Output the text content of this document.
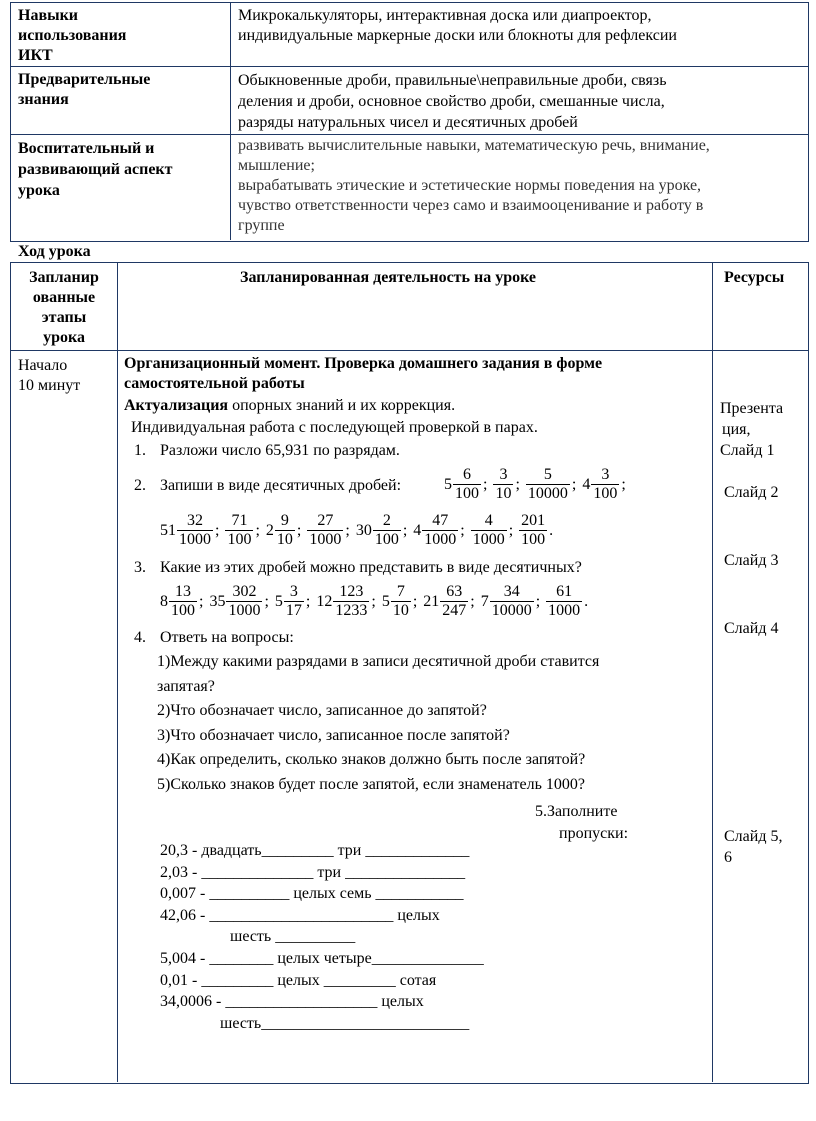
Навыки
использования
ИКТ
Микрокалькуляторы, интерактивная доска или диапроектор,
индивидуальные маркерные доски или блокноты для рефлексии
Предварительные
знания
Обыкновенные дроби, правильные\неправильные дроби, связь
деления и дроби, основное свойство дроби, смешанные числа,
разряды натуральных чисел и десятичных дробей
Воспитательный и
развивающий аспект
урока
развивать вычислительные навыки, математическую речь, внимание,
мышление;
вырабатывать этические и эстетические нормы поведения на уроке,
чувство ответственности через само и взаимооценивание и работу в
группе
Ход урока
Запланир
ованные
этапы
урока
Запланированная деятельность на уроке	Ресурсы
Начало
10 минут
Организационный момент. Проверка домашнего задания в форме
самостоятельной работы
Актуализация опорных знаний и их коррекция.
Индивидуальная работа с последующей проверкой в парах.
1. Разложи число 65,931 по разрядам.
2. Запиши в виде десятичных дробей:	$5 \frac{6}{100}$ ; $\frac{3}{10}$ ; $\frac{5}{10000}$ ; $4 \frac{3}{100}$ ;
$51 \frac{32}{1000}$ ; $\frac{71}{100}$ ; $2 \frac{9}{10}$ ; $\frac{27}{1000}$ ; $30 \frac{2}{100}$ ; $4 \frac{47}{1000}$ ; $\frac{4}{1000}$ ; $\frac{201}{100}$ .
3. Какие из этих дробей можно представить в виде десятичных?
$8 \frac{13}{100}$ ; $35 \frac{302}{1000}$ ; $5 \frac{3}{17}$ ; $12 \frac{123}{1233}$ ; $5 \frac{7}{10}$ ; $21 \frac{63}{247}$ ; $7 \frac{34}{10000}$ ; $\frac{61}{1000}$ .
4. Ответь на вопросы:
1)Между какими разрядами в записи десятичной дроби ставится
запятая?
2)Что обозначает число, записанное до запятой?
3)Что обозначает число, записанное после запятой?
4)Как определить, сколько знаков должно быть после запятой?
5)Сколько знаков будет после запятой, если знаменатель 1000?
5.Заполните
пропуски:
20,3 - двадцать_________ три _____________
2,03 - ______________ три _______________
0,007 - __________ целых семь ___________
42,06 - _______________________ целых
шесть __________
5,004 - ________ целых четыре______________
0,01 - _________ целых _________ сотая
34,0006 - ___________________ целых
шесть__________________________
Презента
ция,
Слайд 1
Слайд 2
Слайд 3
Слайд 4
Слайд 5,
6
